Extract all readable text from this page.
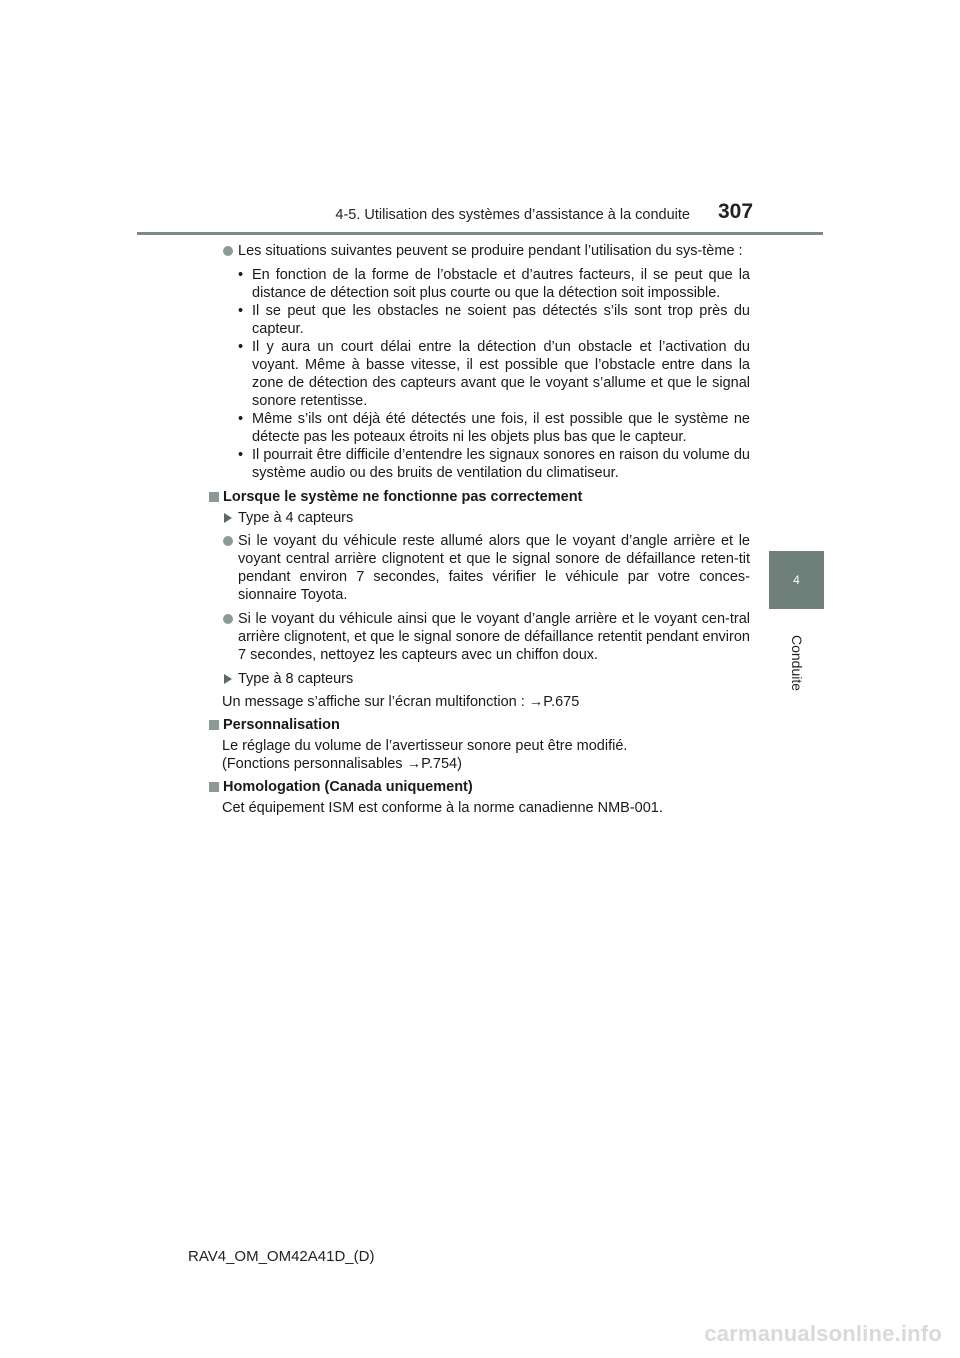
4-5. Utilisation des systèmes d’assistance à la conduite 307
4
Conduite
Les situations suivantes peuvent se produire pendant l’utilisation du sys-tème :
• En fonction de la forme de l’obstacle et d’autres facteurs, il se peut que la distance de détection soit plus courte ou que la détection soit impossible.
• Il se peut que les obstacles ne soient pas détectés s’ils sont trop près du capteur.
• Il y aura un court délai entre la détection d’un obstacle et l’activation du voyant. Même à basse vitesse, il est possible que l’obstacle entre dans la zone de détection des capteurs avant que le voyant s’allume et que le signal sonore retentisse.
• Même s’ils ont déjà été détectés une fois, il est possible que le système ne détecte pas les poteaux étroits ni les objets plus bas que le capteur.
• Il pourrait être difficile d’entendre les signaux sonores en raison du volume du système audio ou des bruits de ventilation du climatiseur.
Lorsque le système ne fonctionne pas correctement
Type à 4 capteurs
Si le voyant du véhicule reste allumé alors que le voyant d’angle arrière et le voyant central arrière clignotent et que le signal sonore de défaillance reten-tit pendant environ 7 secondes, faites vérifier le véhicule par votre conces-sionnaire Toyota.
Si le voyant du véhicule ainsi que le voyant d’angle arrière et le voyant cen-tral arrière clignotent, et que le signal sonore de défaillance retentit pendant environ 7 secondes, nettoyez les capteurs avec un chiffon doux.
Type à 8 capteurs
Un message s’affiche sur l’écran multifonction : →P.675
Personnalisation
Le réglage du volume de l’avertisseur sonore peut être modifié.
(Fonctions personnalisables →P.754)
Homologation (Canada uniquement)
Cet équipement ISM est conforme à la norme canadienne NMB-001.
RAV4_OM_OM42A41D_(D)
carmanualsonline.info
